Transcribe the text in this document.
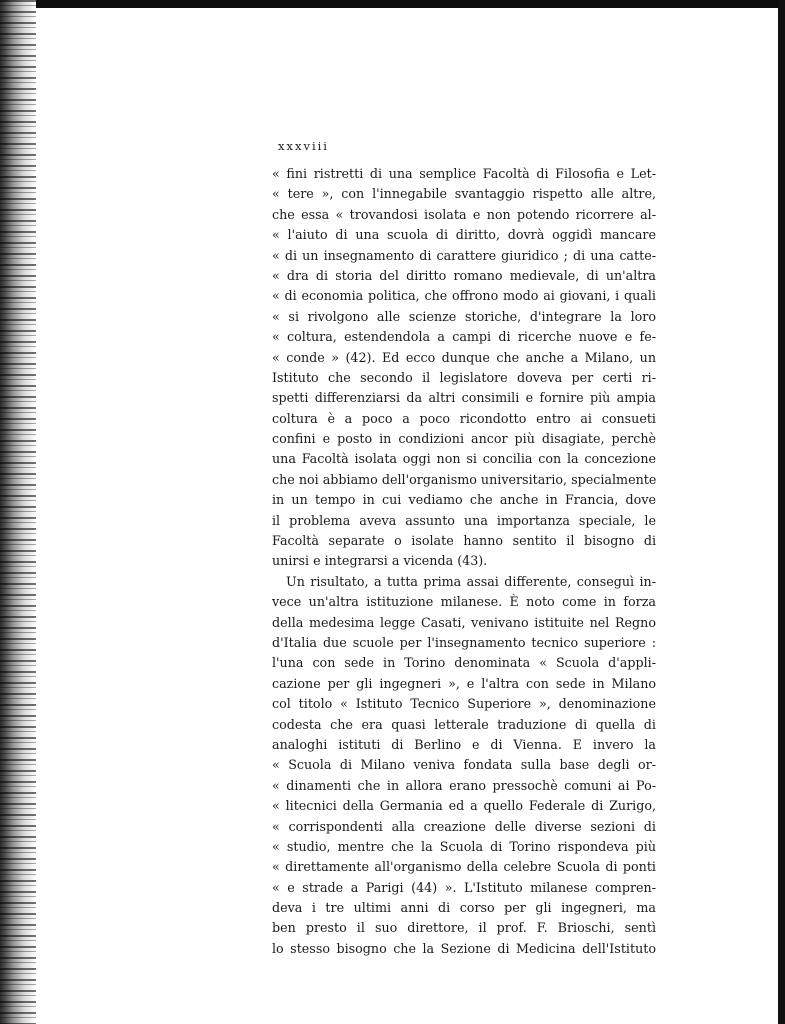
xxxviii
« fini ristretti di una semplice Facoltà di Filosofia e Let-
« tere », con l'innegabile svantaggio rispetto alle altre,
che essa « trovandosi isolata e non potendo ricorrere al-
« l'aiuto di una scuola di diritto, dovrà oggidì mancare
« di un insegnamento di carattere giuridico ; di una catte-
« dra di storia del diritto romano medievale, di un'altra
« di economia politica, che offrono modo ai giovani, i quali
« si rivolgono alle scienze storiche, d'integrare la loro
« coltura, estendendola a campi di ricerche nuove e fe-
« conde » (42). Ed ecco dunque che anche a Milano, un
Istituto che secondo il legislatore doveva per certi ri-
spetti differenziarsi da altri consimili e fornire più ampia
coltura è a poco a poco ricondotto entro ai consueti
confini e posto in condizioni ancor più disagiate, perchè
una Facoltà isolata oggi non si concilia con la concezione
che noi abbiamo dell'organismo universitario, specialmente
in un tempo in cui vediamo che anche in Francia, dove
il problema aveva assunto una importanza speciale, le
Facoltà separate o isolate hanno sentito il bisogno di
unirsi e integrarsi a vicenda (43).
Un risultato, a tutta prima assai differente, conseguì in-
vece un'altra istituzione milanese. È noto come in forza
della medesima legge Casati, venivano istituite nel Regno
d'Italia due scuole per l'insegnamento tecnico superiore :
l'una con sede in Torino denominata « Scuola d'appli-
cazione per gli ingegneri », e l'altra con sede in Milano
col titolo « Istituto Tecnico Superiore », denominazione
codesta che era quasi letterale traduzione di quella di
analoghi istituti di Berlino e di Vienna. E invero la
« Scuola di Milano veniva fondata sulla base degli or-
« dinamenti che in allora erano pressochè comuni ai Po-
« litecnici della Germania ed a quello Federale di Zurigo,
« corrispondenti alla creazione delle diverse sezioni di
« studio, mentre che la Scuola di Torino rispondeva più
« direttamente all'organismo della celebre Scuola di ponti
« e strade a Parigi (44) ». L'Istituto milanese compren-
deva i tre ultimi anni di corso per gli ingegneri, ma
ben presto il suo direttore, il prof. F. Brioschi, sentì
lo stesso bisogno che la Sezione di Medicina dell'Istituto
